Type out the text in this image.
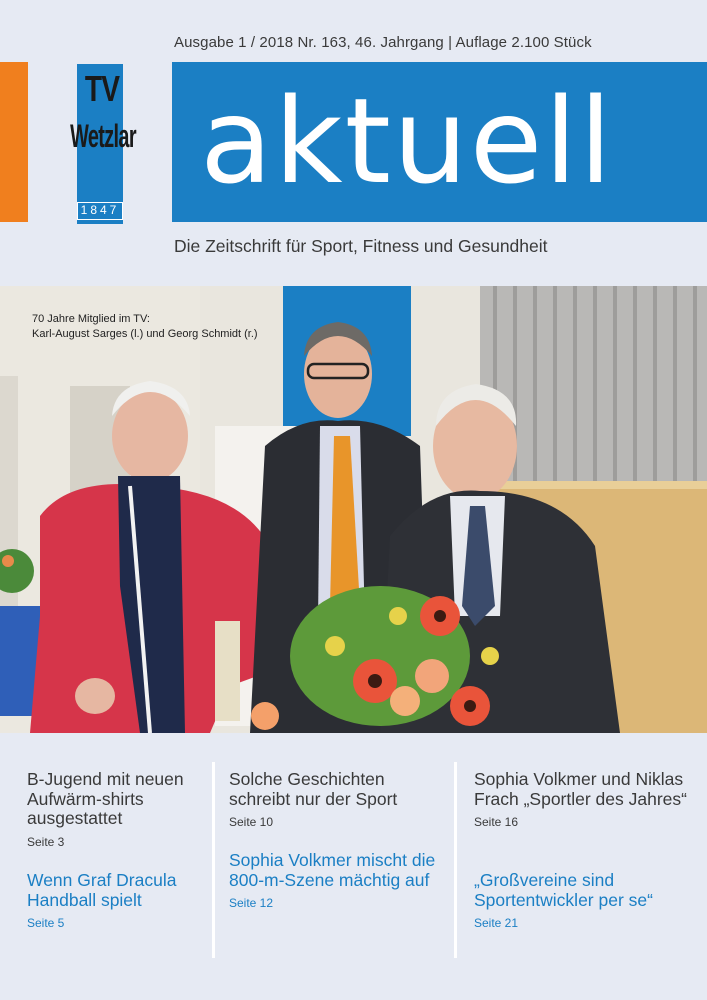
Ausgabe 1 / 2018 Nr. 163, 46. Jahrgang | Auflage 2.100 Stück
TV
Wetzlar
1847 aktuell
Die Zeitschrift für Sport, Fitness und Gesundheit
70 Jahre Mitglied im TV:
Karl-August Sarges (l.) und Georg Schmidt (r.)
B-Jugend mit neuen Aufwärm-shirts ausgestattet
Seite 3
Wenn Graf Dracula Handball spielt
Seite 5
Solche Geschichten schreibt nur der Sport
Seite 10
Sophia Volkmer mischt die 800-m-Szene mächtig auf
Seite 12
Sophia Volkmer und Niklas Frach „Sportler des Jahres“
Seite 16
„Großvereine sind Sportentwickler per se“
Seite 21
